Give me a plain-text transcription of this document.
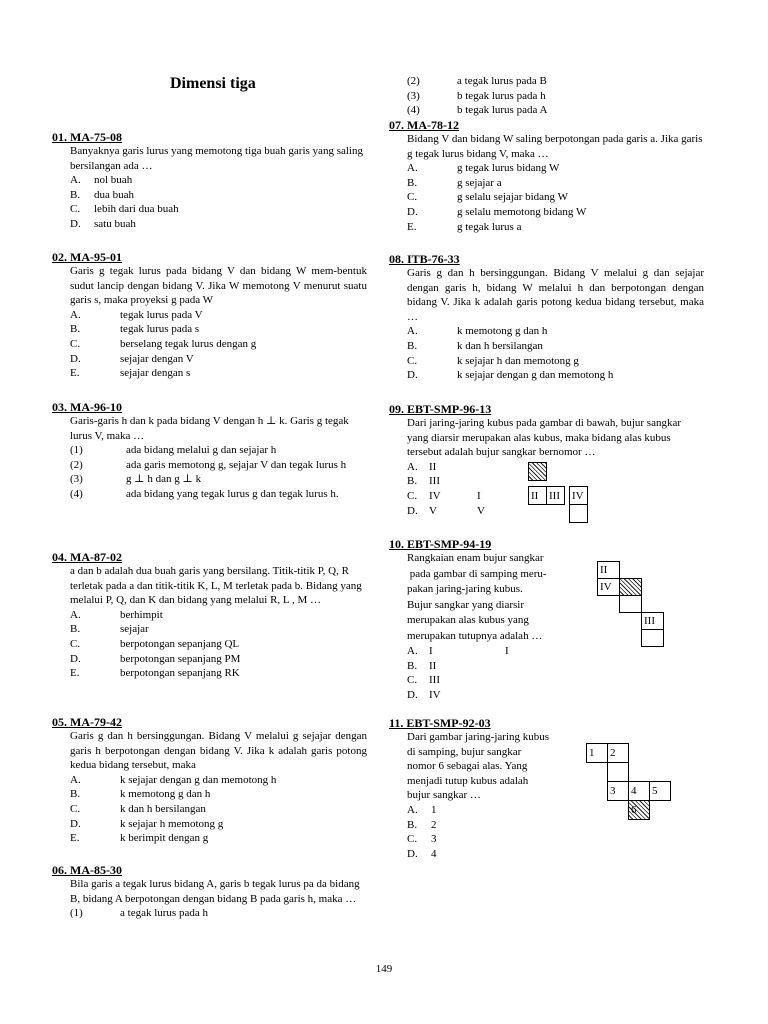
Dimensi tiga

01. MA-75-08

Banyaknya garis lurus yang memotong tiga buah garis yang saling bersilangan ada …

A.	nol buah
B.	dua buah
C.	lebih dari dua buah
D.	satu buah

02. MA-95-01

Garis g tegak lurus pada bidang V dan bidang W mem-bentuk sudut lancip dengan bidang V. Jika W memotong V menurut suatu garis s, maka proyeksi g pada W

A.	tegak lurus pada V
B.	tegak lurus pada s
C.	berselang tegak lurus dengan g
D.	sejajar dengan V
E.	sejajar dengan s

03. MA-96-10

Garis-garis h dan k pada bidang V dengan h ⊥ k. Garis g tegak lurus V, maka …

(1)	ada bidang melalui g dan sejajar h
(2)	ada garis memotong g, sejajar V dan tegak lurus h
(3)	g ⊥ h dan g ⊥ k
(4)	ada bidang yang tegak lurus g dan tegak lurus h.

04. MA-87-02

a dan b adalah dua buah garis yang bersilang. Titik-titik P, Q, R terletak pada a dan titik-titik K, L, M terletak pada b. Bidang yang melalui P, Q, dan K dan bidang yang melalui R, L , M …

A.	berhimpit
B.	sejajar
C.	berpotongan sepanjang QL
D.	berpotongan sepanjang PM
E.	berpotongan sepanjang RK

05. MA-79-42

Garis g dan h bersinggungan. Bidang V melalui g sejajar dengan garis h berpotongan dengan bidang V. Jika k adalah garis potong kedua bidang tersebut, maka

A.	k sejajar dengan g dan memotong h
B.	k memotong g dan h
C.	k dan h bersilangan
D.	k sejajar h memotong g
E.	k berimpit dengan g

06. MA-85-30

Bila garis a tegak lurus bidang A, garis b tegak lurus pa da bidang B, bidang A berpotongan dengan bidang B pada garis h, maka …

(1)	a tegak lurus pada h
(2)	a tegak lurus pada B
(3)	b tegak lurus pada h
(4)	b tegak lurus pada A

07. MA-78-12

Bidang V dan bidang W saling berpotongan pada garis a. Jika garis g tegak lurus bidang V, maka …

A.	g tegak lurus bidang W
B.	g sejajar a
C.	g selalu sejajar bidang W
D.	g selalu memotong bidang W
E.	g tegak lurus a

08. ITB-76-33

Garis g dan h bersinggungan. Bidang V melalui g dan sejajar dengan garis h, bidang W melalui h dan berpotongan dengan bidang V. Jika k adalah garis potong kedua bidang tersebut, maka …

A.	k memotong g dan h
B.	k dan h bersilangan
C.	k sejajar h dan memotong g
D.	k sejajar dengan g dan memotong h

09. EBT-SMP-96-13

Dari jaring-jaring kubus pada gambar di bawah, bujur sangkar yang diarsir merupakan alas kubus, maka bidang alas kubus tersebut adalah bujur sangkar bernomor …

A.	II
B.	III
C.	IV	I
D.	V	V
II III	IV

10. EBT-SMP-94-19

Rangkaian enam bujur sangkar
pada gambar di samping meru-
pakan jaring-jaring kubus.
Bujur sangkar yang diarsir
merupakan alas kubus yang
merupakan tutupnya adalah …

A.	I	I
B.	II
C.	III
D.	IV
II
IV
III

11. EBT-SMP-92-03

Dari gambar jaring-jaring kubus
di samping, bujur sangkar
nomor 6 sebagai alas. Yang
menjadi tutup kubus adalah
bujur sangkar …

A.	1
B.	2
C.	3
D.	4
1	2
3	4	5
6

149
